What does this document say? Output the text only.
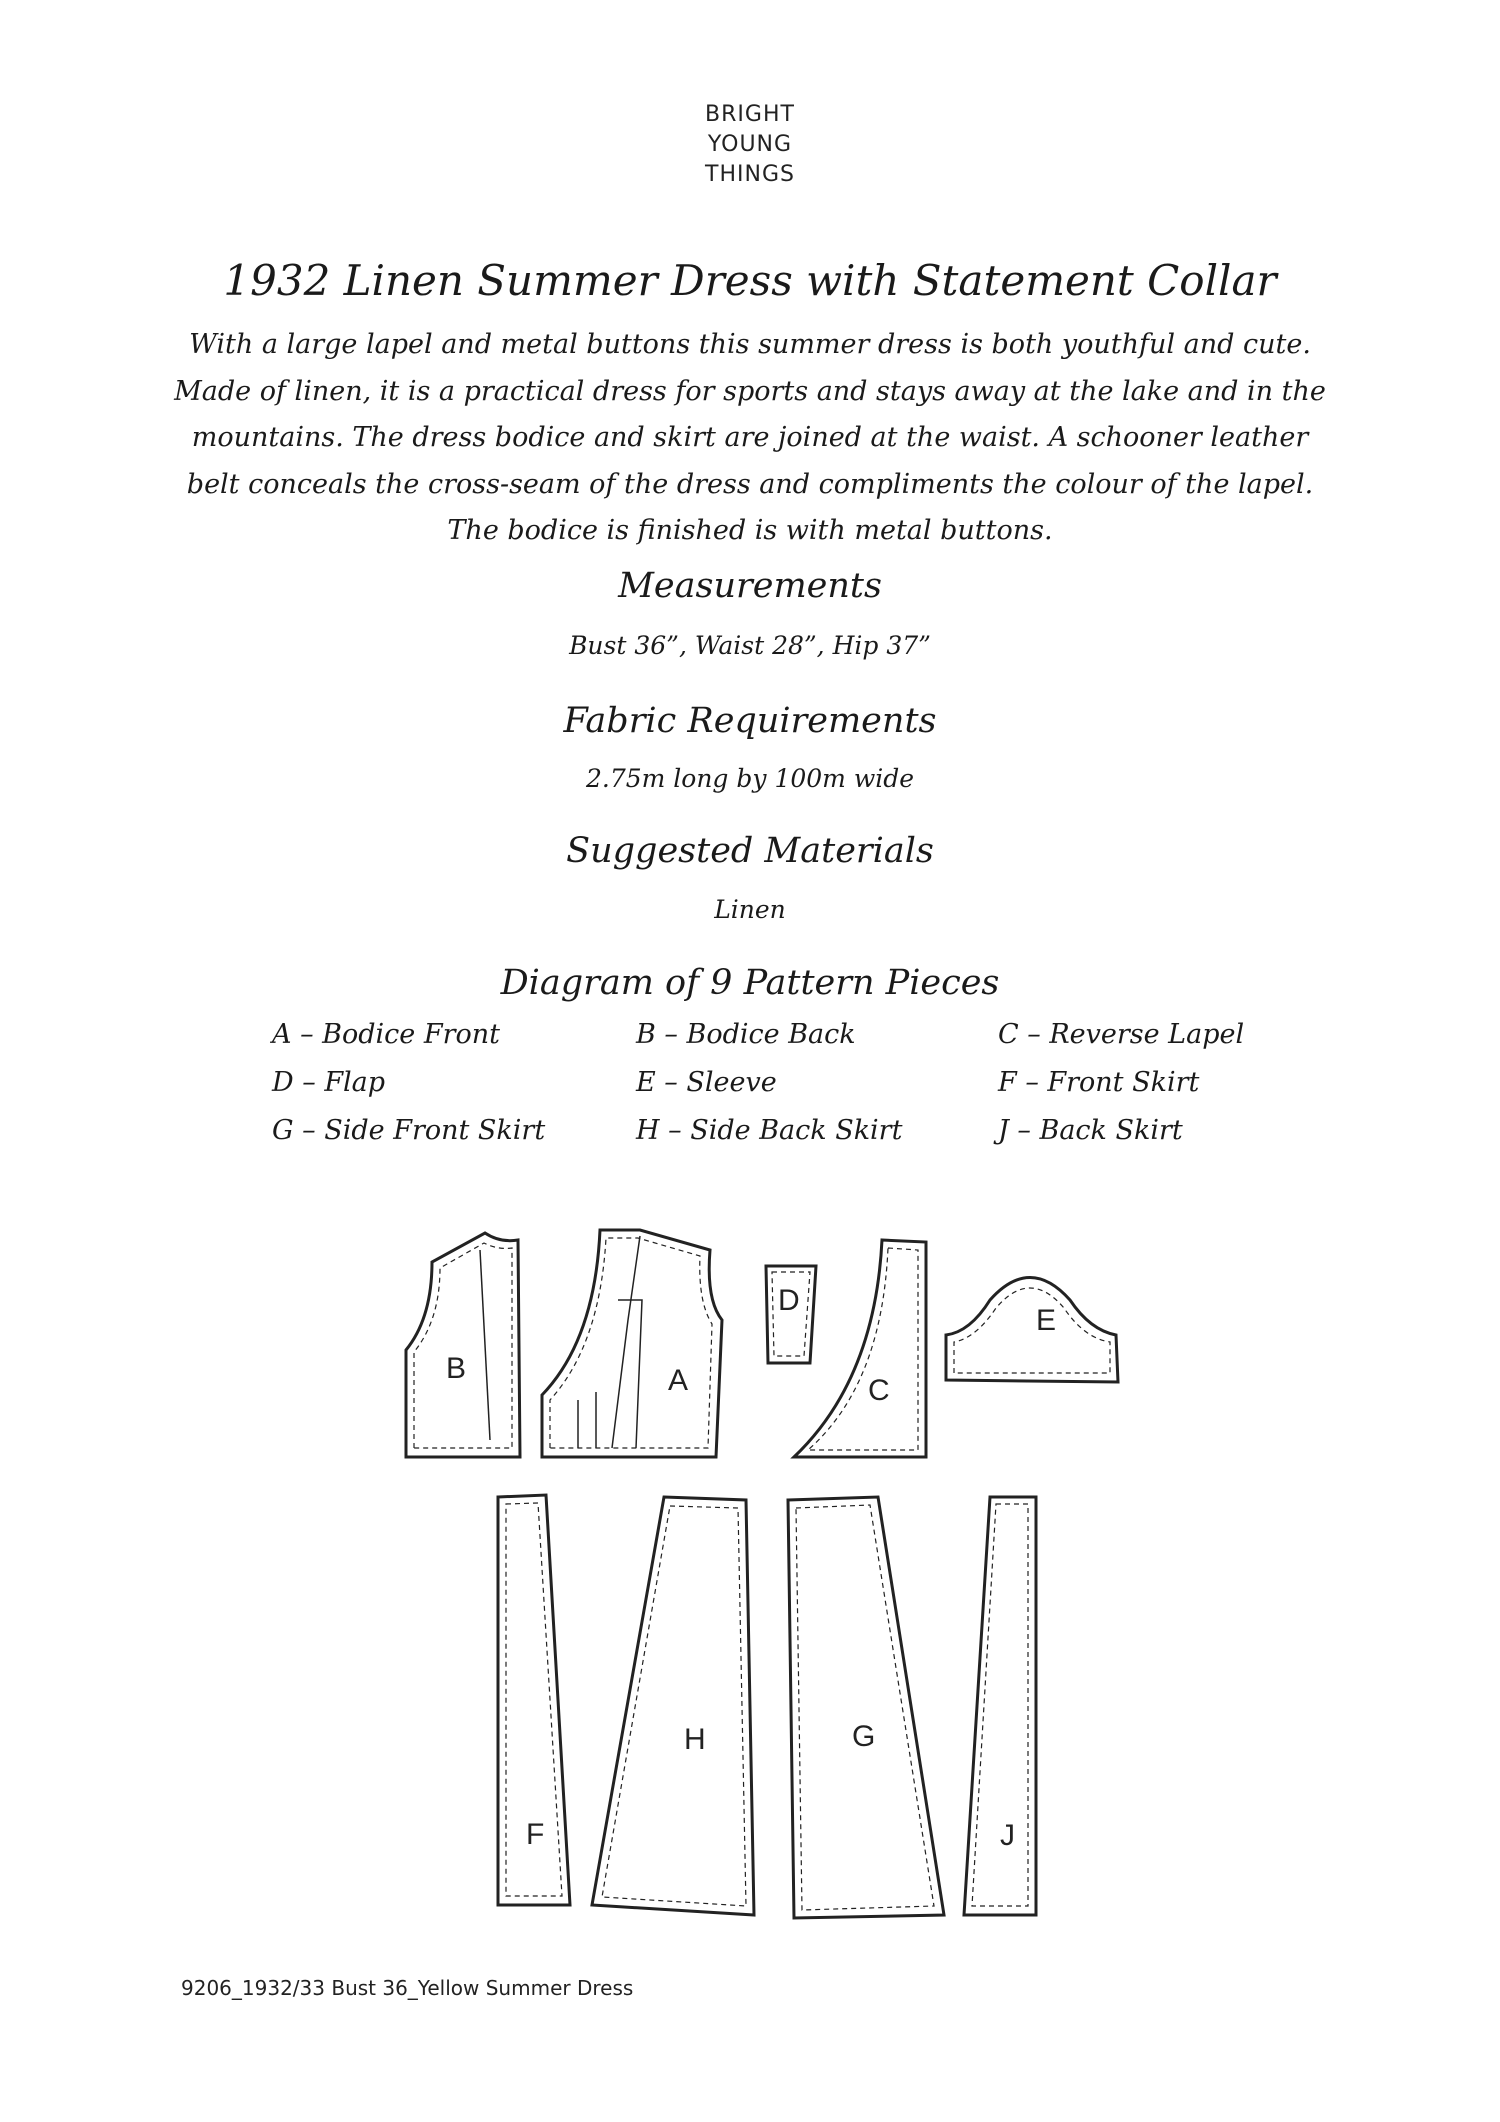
BRIGHT
YOUNG
THINGS
1932 Linen Summer Dress with Statement Collar
With a large lapel and metal buttons this summer dress is both youthful and cute. Made of linen, it is a practical dress for sports and stays away at the lake and in the mountains. The dress bodice and skirt are joined at the waist. A schooner leather belt conceals the cross-seam of the dress and compliments the colour of the lapel. The bodice is finished is with metal buttons.
Measurements
Bust 36”, Waist 28”, Hip 37”
Fabric Requirements
2.75m long by 100m wide
Suggested Materials
Linen
Diagram of 9 Pattern Pieces
A – Bodice Front	B – Bodice Back	C – Reverse Lapel
D – Flap	E – Sleeve	F – Front Skirt
G – Side Front Skirt	H – Side Back Skirt	J – Back Skirt
B	A
D
C
E
F
H	G
J
9206_1932/33 Bust 36_Yellow Summer Dress
